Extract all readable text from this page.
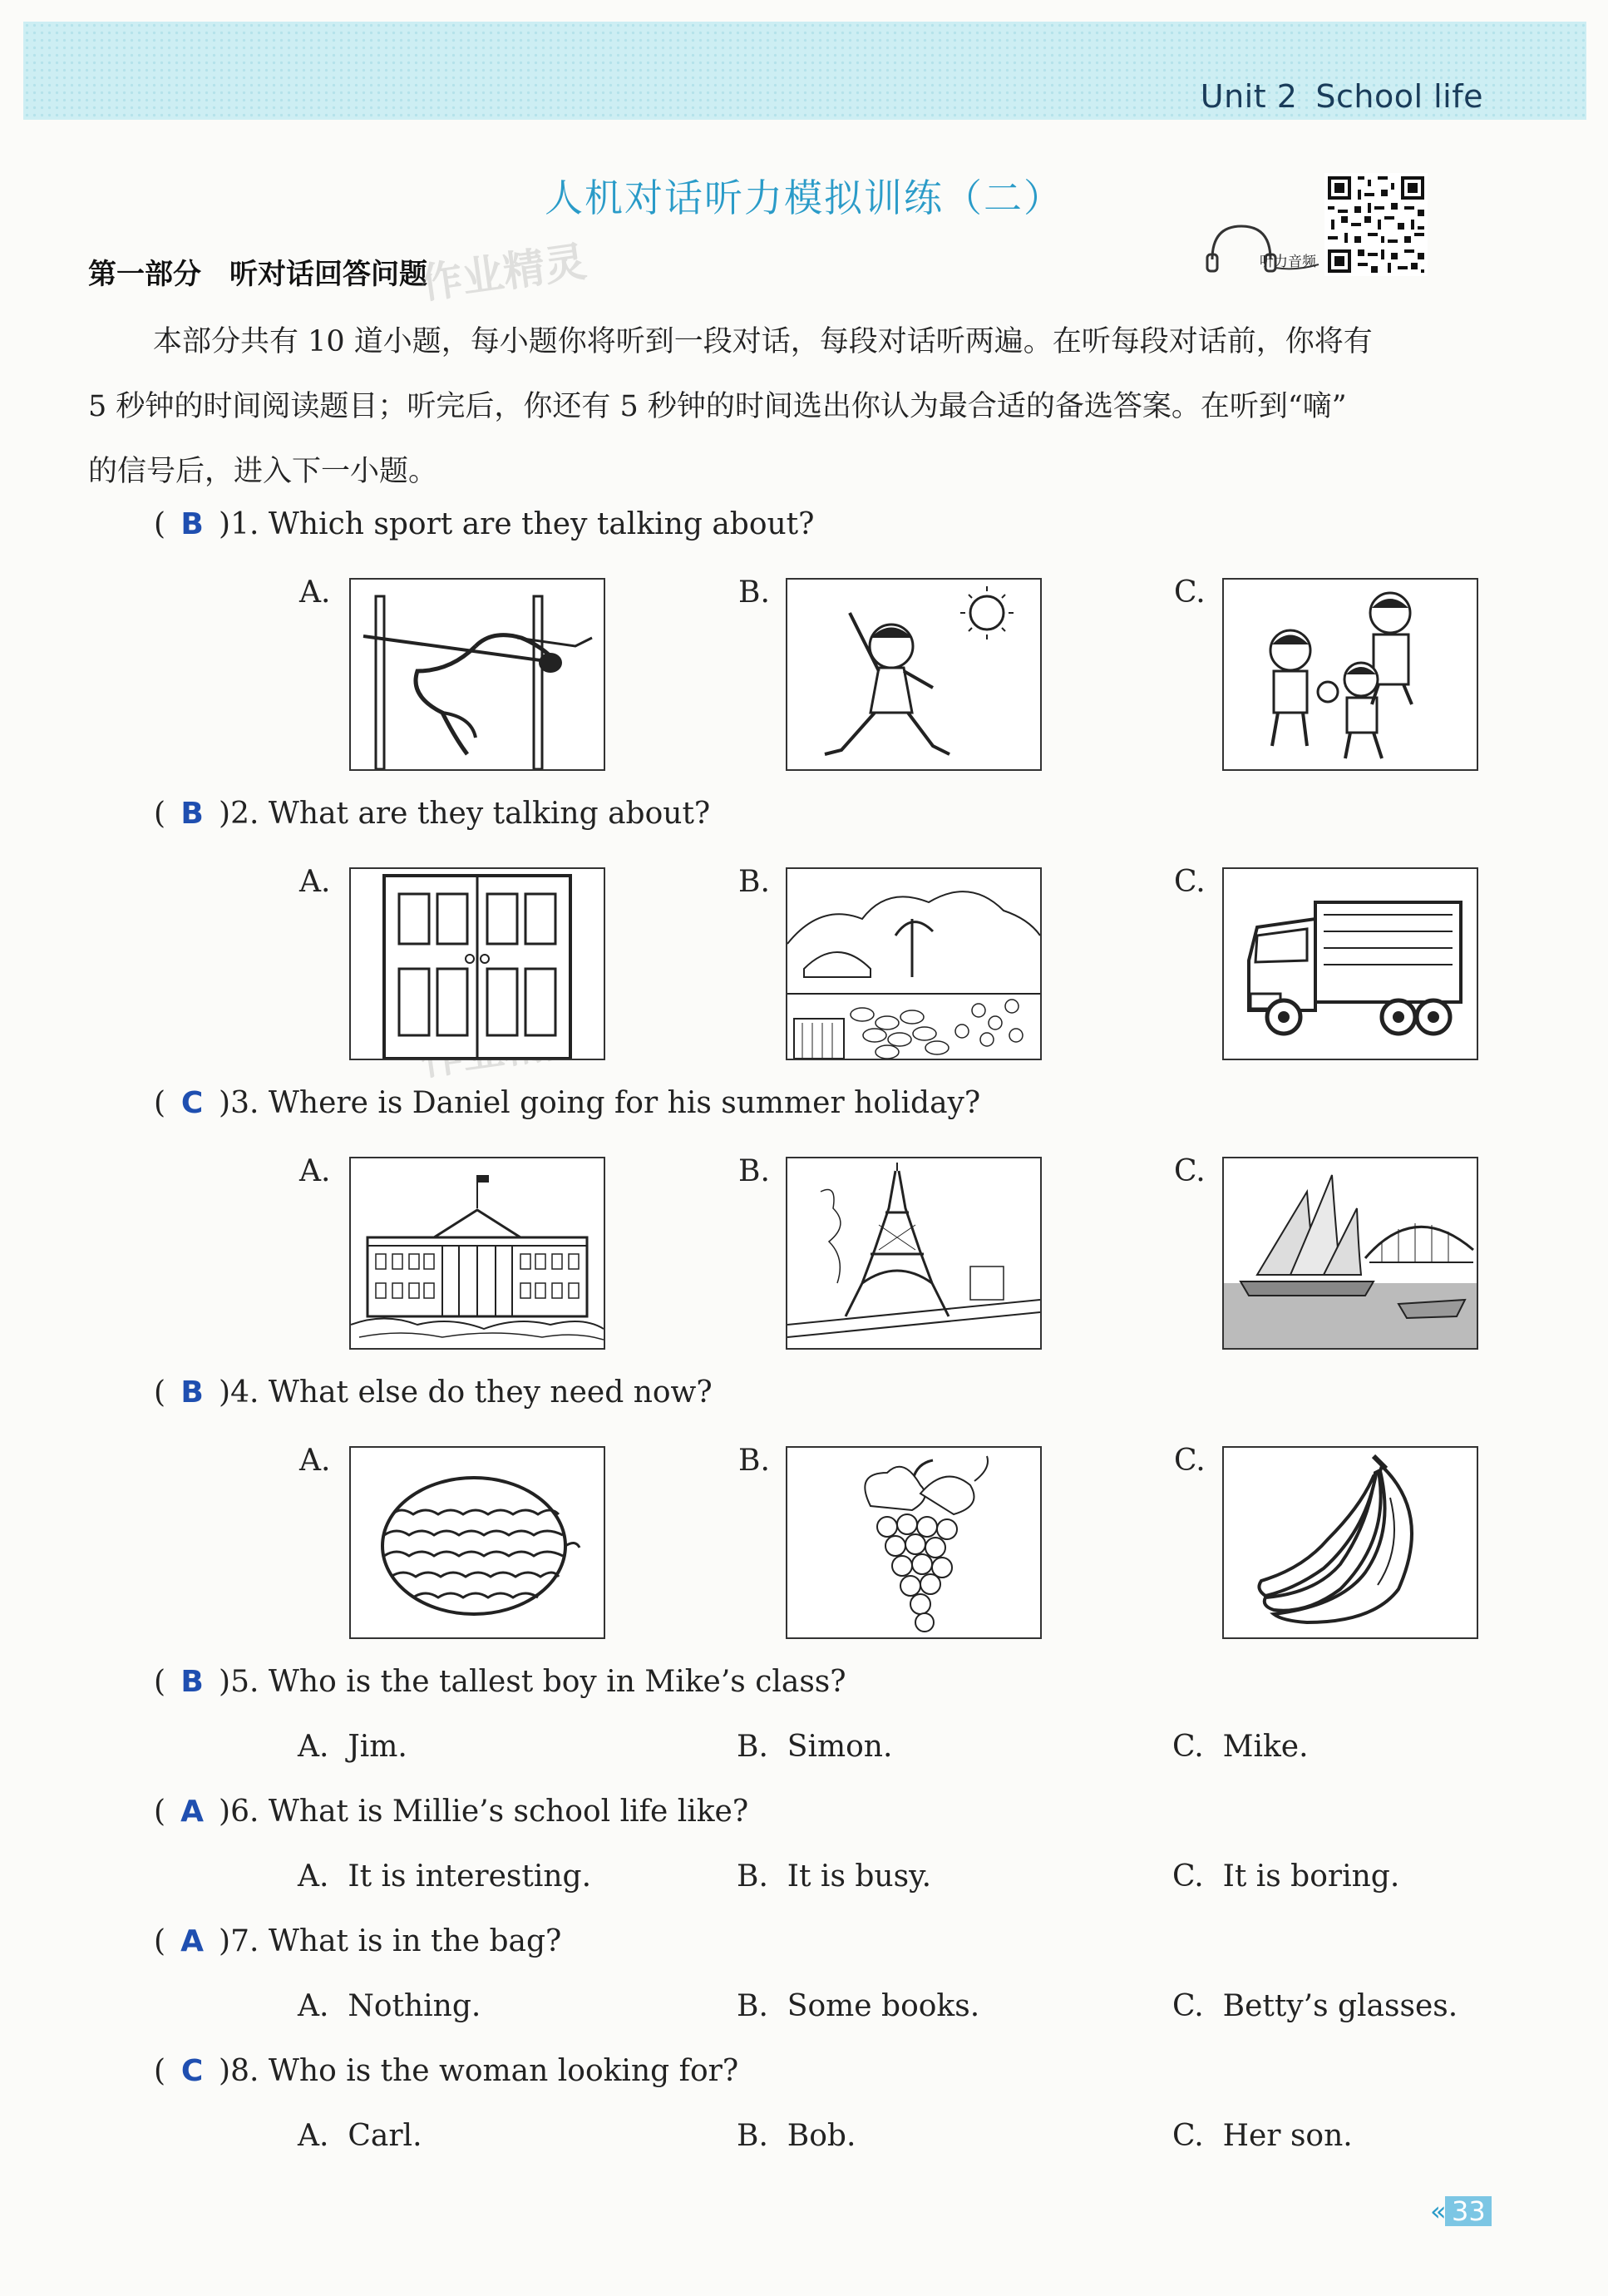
Unit 2 School life
人机对话听力模拟训练（二）
听力音频
第一部分 听对话回答问题
作业精灵

本部分共有 10 道小题，每小题你将听到一段对话，每段对话听两遍。在听每段对话前，你将有

5 秒钟的时间阅读题目；听完后，你还有 5 秒钟的时间选出你认为最合适的备选答案。在听到“嘀”

的信号后，进入下一小题。

( B )1. Which sport are they talking about?
A.	B.	C.
( B )2. What are they talking about?
A.	B.	C.
( C )3. Where is Daniel going for his summer holiday?
A.	B.	C.
( B )4. What else do they need now?
A.	B.	C.
( B )5. Who is the tallest boy in Mike’s class?
A. Jim.	B. Simon.	C. Mike.
( A )6. What is Millie’s school life like?
A. It is interesting.	B. It is busy.	C. It is boring.
( A )7. What is in the bag?
A. Nothing.	B. Some books.	C. Betty’s glasses.
( C )8. Who is the woman looking for?
A. Carl.	B. Bob.	C. Her son.
« 33
